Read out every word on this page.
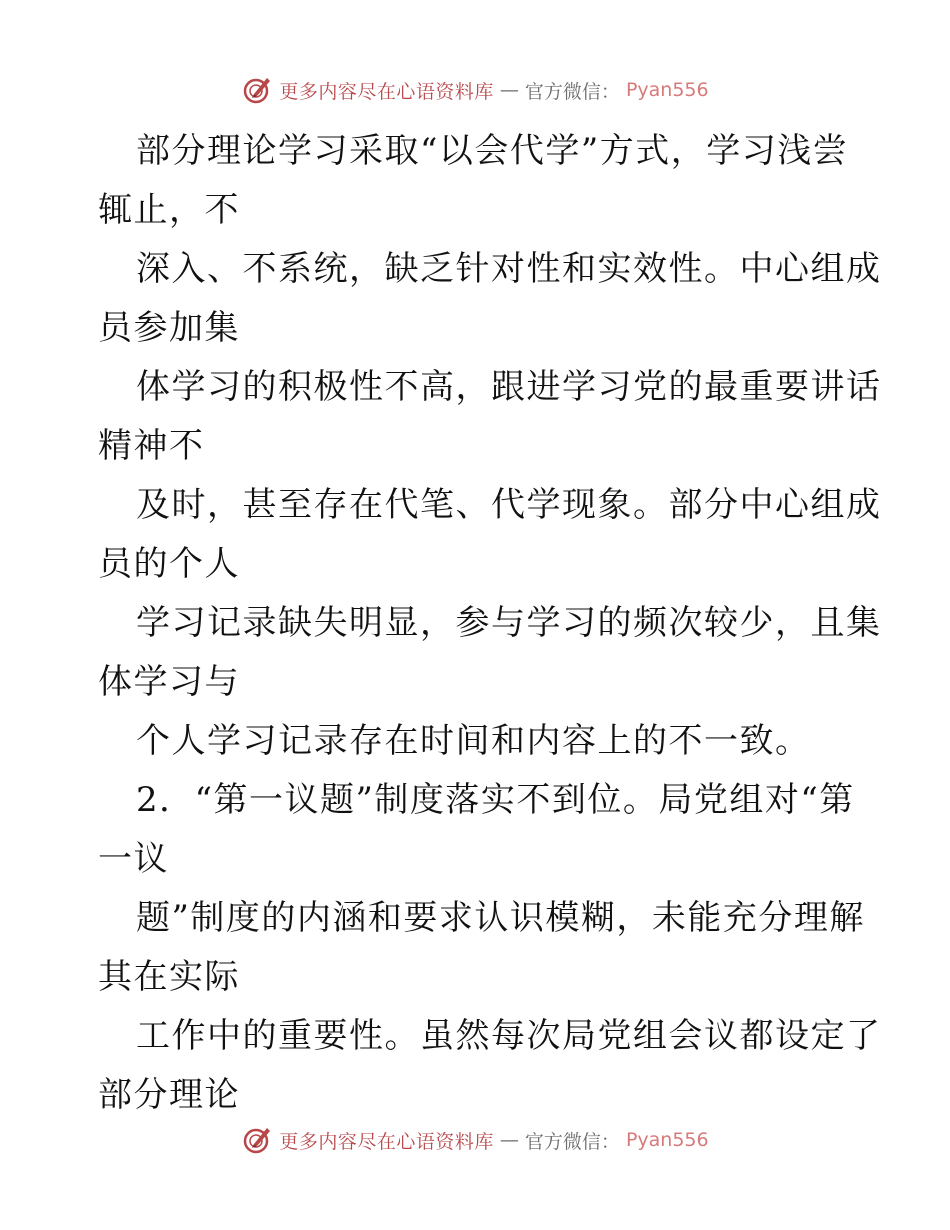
更多内容尽在心语资料库 — 官方微信： Pyan556
部分理论学习采取“以会代学”方式，学习浅尝
辄止，不
深入、不系统，缺乏针对性和实效性。中心组成
员参加集
体学习的积极性不高，跟进学习党的最重要讲话
精神不
及时，甚至存在代笔、代学现象。部分中心组成
员的个人
学习记录缺失明显，参与学习的频次较少，且集
体学习与
个人学习记录存在时间和内容上的不一致。
2．“第一议题”制度落实不到位。局党组对“第
一议
题”制度的内涵和要求认识模糊，未能充分理解
其在实际
工作中的重要性。虽然每次局党组会议都设定了
部分理论
更多内容尽在心语资料库 — 官方微信： Pyan556
